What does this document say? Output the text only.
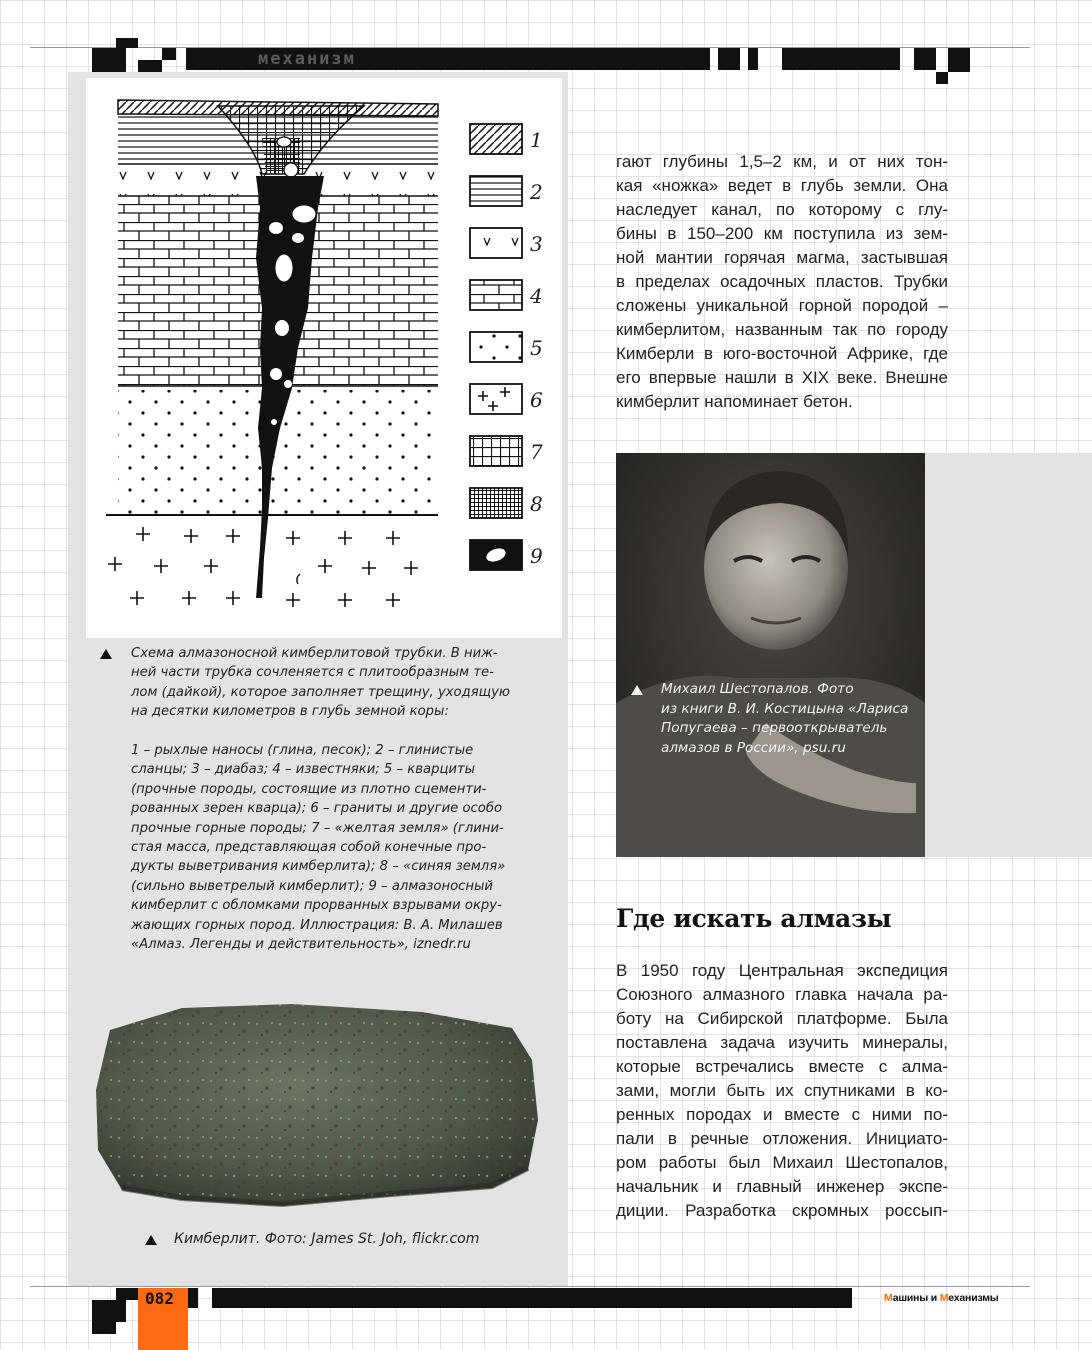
механизм
1
2
3
4
5
6
7
8
9
Схема алмазоносной кимберлитовой трубки. В ниж-
ней части трубка сочленяется с плитообразным те-
лом (дайкой), которое заполняет трещину, уходящую
на десятки километров в глубь земной коры:
1 – рыхлые наносы (глина, песок); 2 – глинистые
сланцы; 3 – диабаз; 4 – известняки; 5 – кварциты
(прочные породы, состоящие из плотно сцементи-
рованных зерен кварца); 6 – граниты и другие особо
прочные горные породы; 7 – «желтая земля» (глини-
стая масса, представляющая собой конечные про-
дукты выветривания кимберлита); 8 – «синяя земля»
(сильно выветрелый кимберлит); 9 – алмазоносный
кимберлит с обломками прорванных взрывами окру-
жающих горных пород. Иллюстрация: В. А. Милашев
«Алмаз. Легенды и действительность», iznedr.ru
Кимберлит. Фото: James St. Joh, flickr.com
гают глубины 1,5–2 км, и от них тон-
кая «ножка» ведет в глубь земли. Она
наследует канал, по которому с глу-
бины в 150–200 км поступила из зем-
ной мантии горячая магма, застывшая
в пределах осадочных пластов. Трубки
сложены уникальной горной породой –
кимберлитом, названным так по городу
Кимберли в юго-восточной Африке, где
его впервые нашли в XIX веке. Внешне
кимберлит напоминает бетон.
Михаил Шестопалов. Фото
из книги В. И. Костицына «Лариса
Попугаева – первооткрыватель
алмазов в России», psu.ru
Где искать алмазы
В 1950 году Центральная экспедиция
Союзного алмазного главка начала ра-
боту на Сибирской платформе. Была
поставлена задача изучить минералы,
которые встречались вместе с алма-
зами, могли быть их спутниками в ко-
ренных породах и вместе с ними по-
пали в речные отложения. Инициато-
ром работы был Михаил Шестопалов,
начальник и главный инженер экспе-
диции. Разработка скромных россып-
082	Машины и Механизмы
